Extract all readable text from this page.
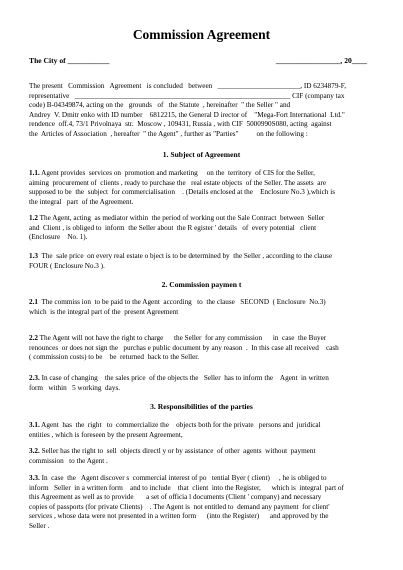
Commission Agreement
The City of ___________	_________________, 20____
The present   Commission   Agreement   is concluded   between   _______________________, ID 6234879-F,
representative   ____________________________________________________________ CIF (company tax
code) B-04349874, acting on the   grounds   of   the Statute  , hereinafter  " the Seller " and
Andrey  V. Dmitr enko with ID number    6812215, the General D irector of    "Mega-Fort International  Ltd."
rendence  off.4, 73/1 Privolnaya  str.  Moscow , 109431, Russia , with CIF  5000990S080, acting  against
the  Articles of Association  , hereafter  " the Agent" , further as "Parties"          on the following :
1. Subject of Agreement
1.1. Agent provides  services on  promotion and marketing     on the  territory  of CIS for the Seller,
aiming  procurement of  clients , ready to purchase the   real estate objects  of the Seller. The assets  are
supposed to be  the  subject  for commercialisation    . (Details enclosed at the    Enclosure No.3 ),which is
the integral   part  of the Agreement.
1.2 The Agent, acting  as mediator within  the period of working out the Sale Contract  between  Seller
and  Client , is obliged to  inform  the Seller about  the R egister ' details   of  every potential   client
(Enclosure    No. 1).
1.3  The  sale price  on every real estate o bject is to be determined by  the Seller , according to the clause
FOUR ( Enclosure No.3 ).
2. Commission paymen t
2.1  The commiss ion  to be paid to the Agent  according   to  the clause   SECOND  ( Enclosure  No.3)
which  is the integral part of the  present Agreement
2.2 The Agent will not have the right to charge      the Seller  for any commission      in  case  the Buyer
renounces  or does not sign the   purchas e public document by any reason  .  In this case all received    cash
( commission costs) to be    be  returned  back to the Seller.
2.3. In case of changing    the sales price  of the objects the   Seller  has to inform the    Agent  in written
form   within   5 working  days.
3. Responsibilities of the parties
3.1. Agent  has  the  right   to  commercialize the    objects both for the private   persons and  juridical
entities , which is foreseen by the present Agreement,
3.2. Seller has the right to  sell  objects directl y or by assistance  of other  agents  without  payment
commission   to the Agent .
3.3. In  case  the   Agent discover s  commercial interest of po   tential Byer ( client)     , he is obliged to
inform   Seller  in a written form    and to include    that  client  into the Register,      which is  integral  part of
this Agreement as well as to provide       a set of officia l documents (Client ' company) and necessary
copies of passports (for private Clients)    . The Agent is  not entitled to  demand any payment  for client'
services , whose data were not presented in a written form      (into the Register)      and approved by the
Seller .
